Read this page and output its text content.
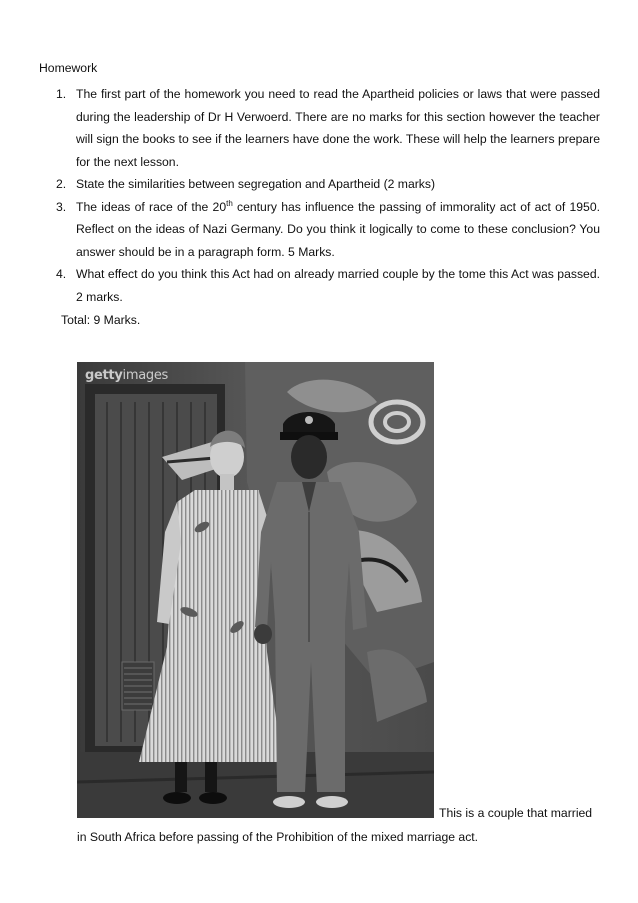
Homework
1. The first part of the homework you need to read the Apartheid policies or laws that were passed during the leadership of Dr H Verwoerd. There are no marks for this section however the teacher will sign the books to see if the learners have done the work. These will help the learners prepare for the next lesson.
2. State the similarities between segregation and Apartheid (2 marks)
3. The ideas of race of the 20th century has influence the passing of immorality act of act of 1950. Reflect on the ideas of Nazi Germany. Do you think it logically to come to these conclusion? You answer should be in a paragraph form. 5 Marks.
4. What effect do you think this Act had on already married couple by the tome this Act was passed. 2 marks.
Total: 9 Marks.
gettyimages
This is a couple that married
in South Africa before passing of the Prohibition of the mixed marriage act.
